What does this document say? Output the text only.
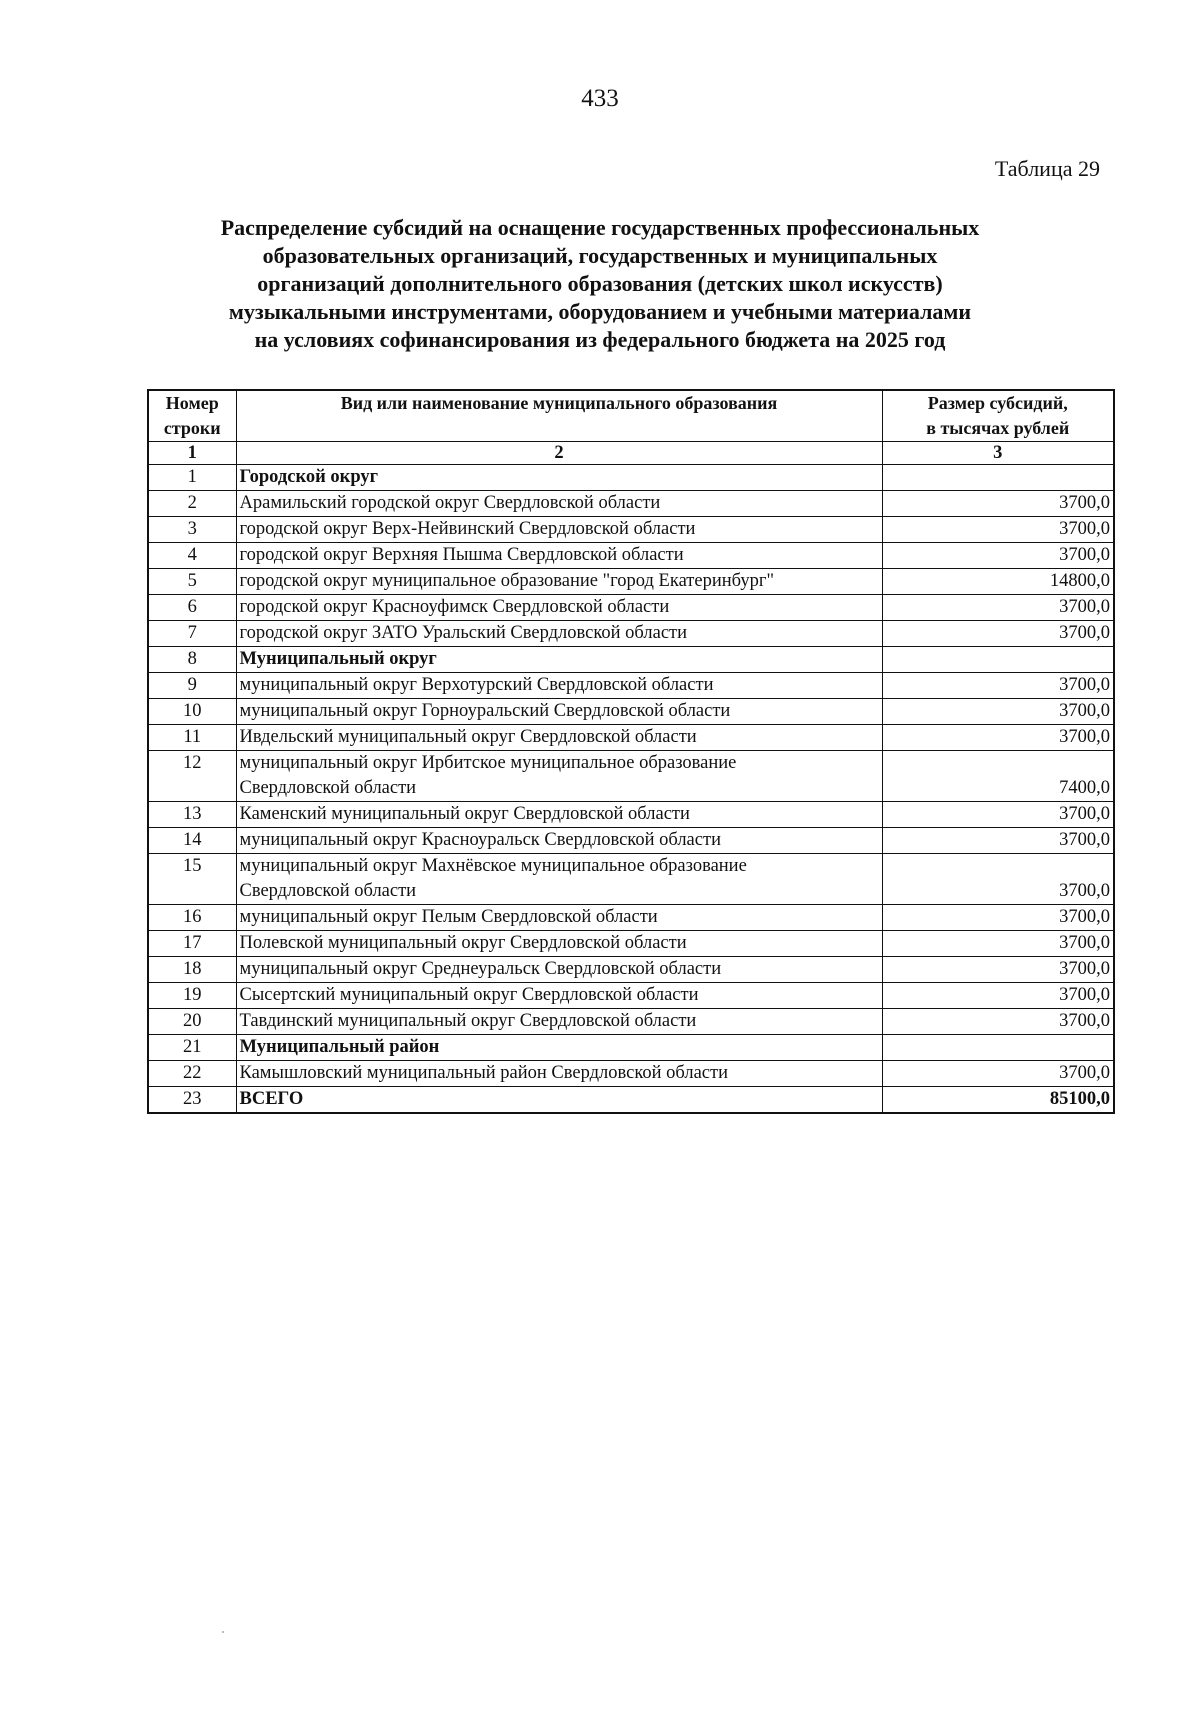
433
Таблица 29
Распределение субсидий на оснащение государственных профессиональных
образовательных организаций, государственных и муниципальных
организаций дополнительного образования (детских школ искусств)
музыкальными инструментами, оборудованием и учебными материалами
на условиях софинансирования из федерального бюджета на 2025 год
Номер
строки	Вид или наименование муниципального образования	Размер субсидий,
в тысячах рублей
1	2	3
1	Городской округ	
2	Арамильский городской округ Свердловской области	3700,0
3	городской округ Верх-Нейвинский Свердловской области	3700,0
4	городской округ Верхняя Пышма Свердловской области	3700,0
5	городской округ муниципальное образование "город Екатеринбург"	14800,0
6	городской округ Красноуфимск Свердловской области	3700,0
7	городской округ ЗАТО Уральский Свердловской области	3700,0
8	Муниципальный округ	
9	муниципальный округ Верхотурский Свердловской области	3700,0
10	муниципальный округ Горноуральский Свердловской области	3700,0
11	Ивдельский муниципальный округ Свердловской области	3700,0
12	муниципальный округ Ирбитское муниципальное образование
Свердловской области	7400,0
13	Каменский муниципальный округ Свердловской области	3700,0
14	муниципальный округ Красноуральск Свердловской области	3700,0
15	муниципальный округ Махнёвское муниципальное образование
Свердловской области	3700,0
16	муниципальный округ Пелым Свердловской области	3700,0
17	Полевской муниципальный округ Свердловской области	3700,0
18	муниципальный округ Среднеуральск Свердловской области	3700,0
19	Сысертский муниципальный округ Свердловской области	3700,0
20	Тавдинский муниципальный округ Свердловской области	3700,0
21	Муниципальный район	
22	Камышловский муниципальный район Свердловской области	3700,0
23	ВСЕГО	85100,0
